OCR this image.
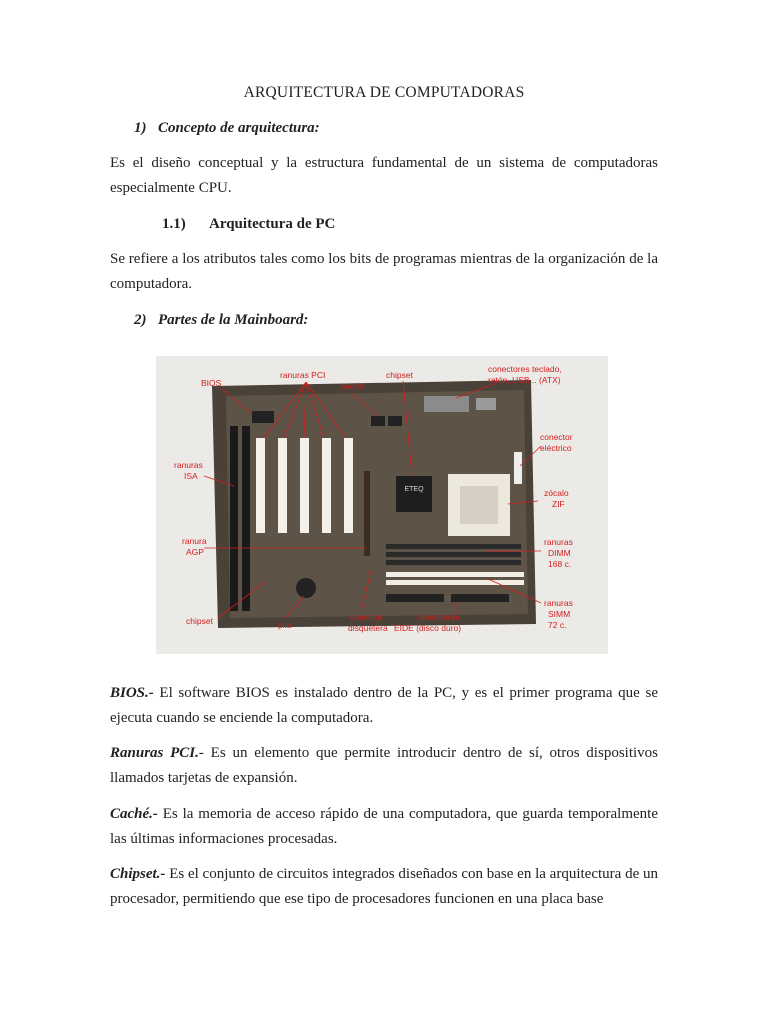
ARQUITECTURA DE COMPUTADORAS
1) Concepto de arquitectura:
Es el diseño conceptual y la estructura fundamental de un sistema de computadoras especialmente CPU.
1.1) Arquitectura de PC
Se refiere a los atributos tales como los bits de programas mientras de la organización de la computadora.
2) Partes de la Mainboard:
ETEQ
BIOS
ranuras PCI
caché
chipset
conectores teclado,
ratón, USB... (ATX)
conector
eléctrico
ranuras
ISA
zócalo
ZIF
ranura
AGP
ranuras
DIMM
168 c.
ranuras
SIMM
72 c.
chipset	pila
conector
disquetera
conectores
EIDE (disco duro)
BIOS.- El software BIOS es instalado dentro de la PC, y es el primer programa que se ejecuta cuando se enciende la computadora.
Ranuras PCI.- Es un elemento que permite introducir dentro de sí, otros dispositivos llamados tarjetas de expansión.
Caché.- Es la memoria de acceso rápido de una computadora, que guarda temporalmente las últimas informaciones procesadas.
Chipset.- Es el conjunto de circuitos integrados diseñados con base en la arquitectura de un procesador, permitiendo que ese tipo de procesadores funcionen en una placa base
